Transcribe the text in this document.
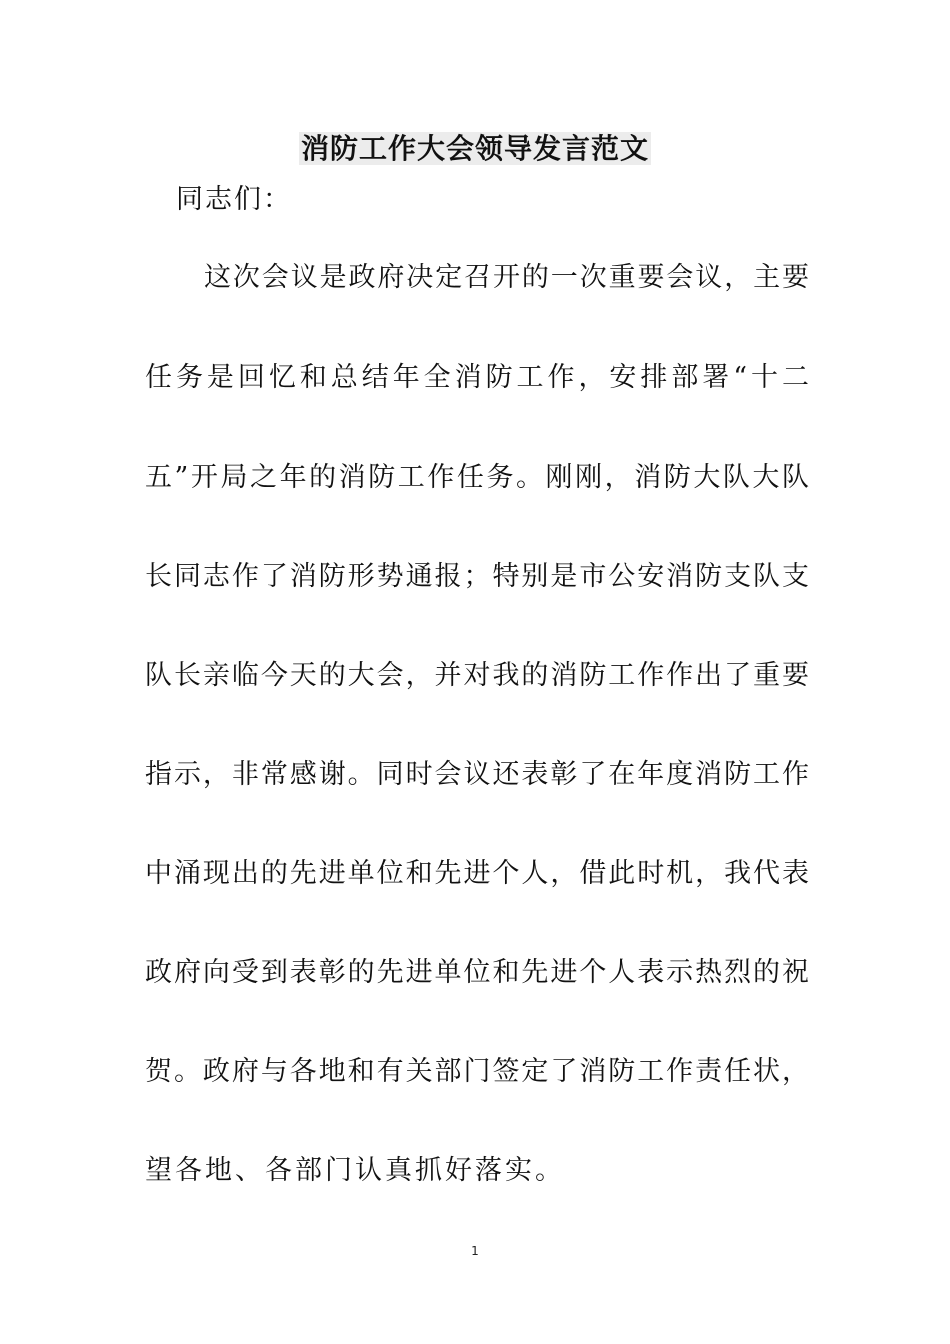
消防工作大会领导发言范文
同志们：
这次会议是政府决定召开的一次重要会议，主要
任务是回忆和总结年全消防工作，安排部署“十二
五”开局之年的消防工作任务。刚刚，消防大队大队
长同志作了消防形势通报；特别是市公安消防支队支
队长亲临今天的大会，并对我的消防工作作出了重要
指示，非常感谢。同时会议还表彰了在年度消防工作
中涌现出的先进单位和先进个人，借此时机，我代表
政府向受到表彰的先进单位和先进个人表示热烈的祝
贺。政府与各地和有关部门签定了消防工作责任状，
望各地、各部门认真抓好落实。
1
